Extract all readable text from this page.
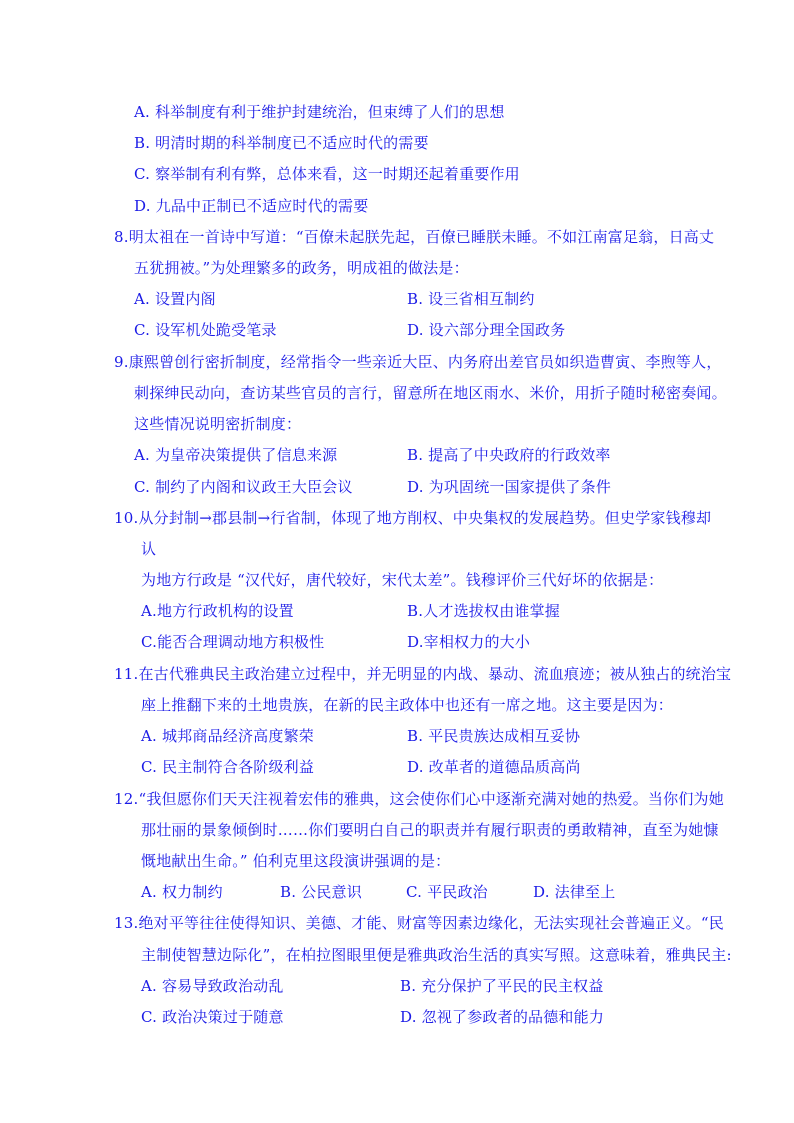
A. 科举制度有利于维护封建统治，但束缚了人们的思想
B. 明清时期的科举制度已不适应时代的需要
C. 察举制有利有弊，总体来看，这一时期还起着重要作用
D. 九品中正制已不适应时代的需要
8.明太祖在一首诗中写道：“百僚未起朕先起，百僚已睡朕未睡。不如江南富足翁，日高丈
五犹拥被。”为处理繁多的政务，明成祖的做法是：
A. 设置内阁	B. 设三省相互制约
C. 设军机处跪受笔录	D. 设六部分理全国政务
9.康熙曾创行密折制度，经常指令一些亲近大臣、内务府出差官员如织造曹寅、李煦等人，
刺探绅民动向，查访某些官员的言行，留意所在地区雨水、米价，用折子随时秘密奏闻。
这些情况说明密折制度：
A. 为皇帝决策提供了信息来源	B. 提高了中央政府的行政效率
C. 制约了内阁和议政王大臣会议	D. 为巩固统一国家提供了条件
10.从分封制→郡县制→行省制，体现了地方削权、中央集权的发展趋势。但史学家钱穆却
认
为地方行政是 “汉代好，唐代较好，宋代太差”。钱穆评价三代好坏的依据是：
A.地方行政机构的设置	B.人才选拔权由谁掌握
C.能否合理调动地方积极性	D.宰相权力的大小
11.在古代雅典民主政治建立过程中，并无明显的内战、暴动、流血痕迹；被从独占的统治宝
座上推翻下来的土地贵族，在新的民主政体中也还有一席之地。这主要是因为：
A. 城邦商品经济高度繁荣	B. 平民贵族达成相互妥协
C. 民主制符合各阶级利益	D. 改革者的道德品质高尚
12.“我但愿你们天天注视着宏伟的雅典，这会使你们心中逐渐充满对她的热爱。当你们为她
那壮丽的景象倾倒时……你们要明白自己的职责并有履行职责的勇敢精神，直至为她慷
慨地献出生命。” 伯利克里这段演讲强调的是：
A. 权力制约	B. 公民意识	C. 平民政治	D. 法律至上
13.绝对平等往往使得知识、美德、才能、财富等因素边缘化，无法实现社会普遍正义。“民
主制使智慧边际化”，在柏拉图眼里便是雅典政治生活的真实写照。这意味着，雅典民主:
A. 容易导致政治动乱	B. 充分保护了平民的民主权益
C. 政治决策过于随意	D. 忽视了参政者的品德和能力
